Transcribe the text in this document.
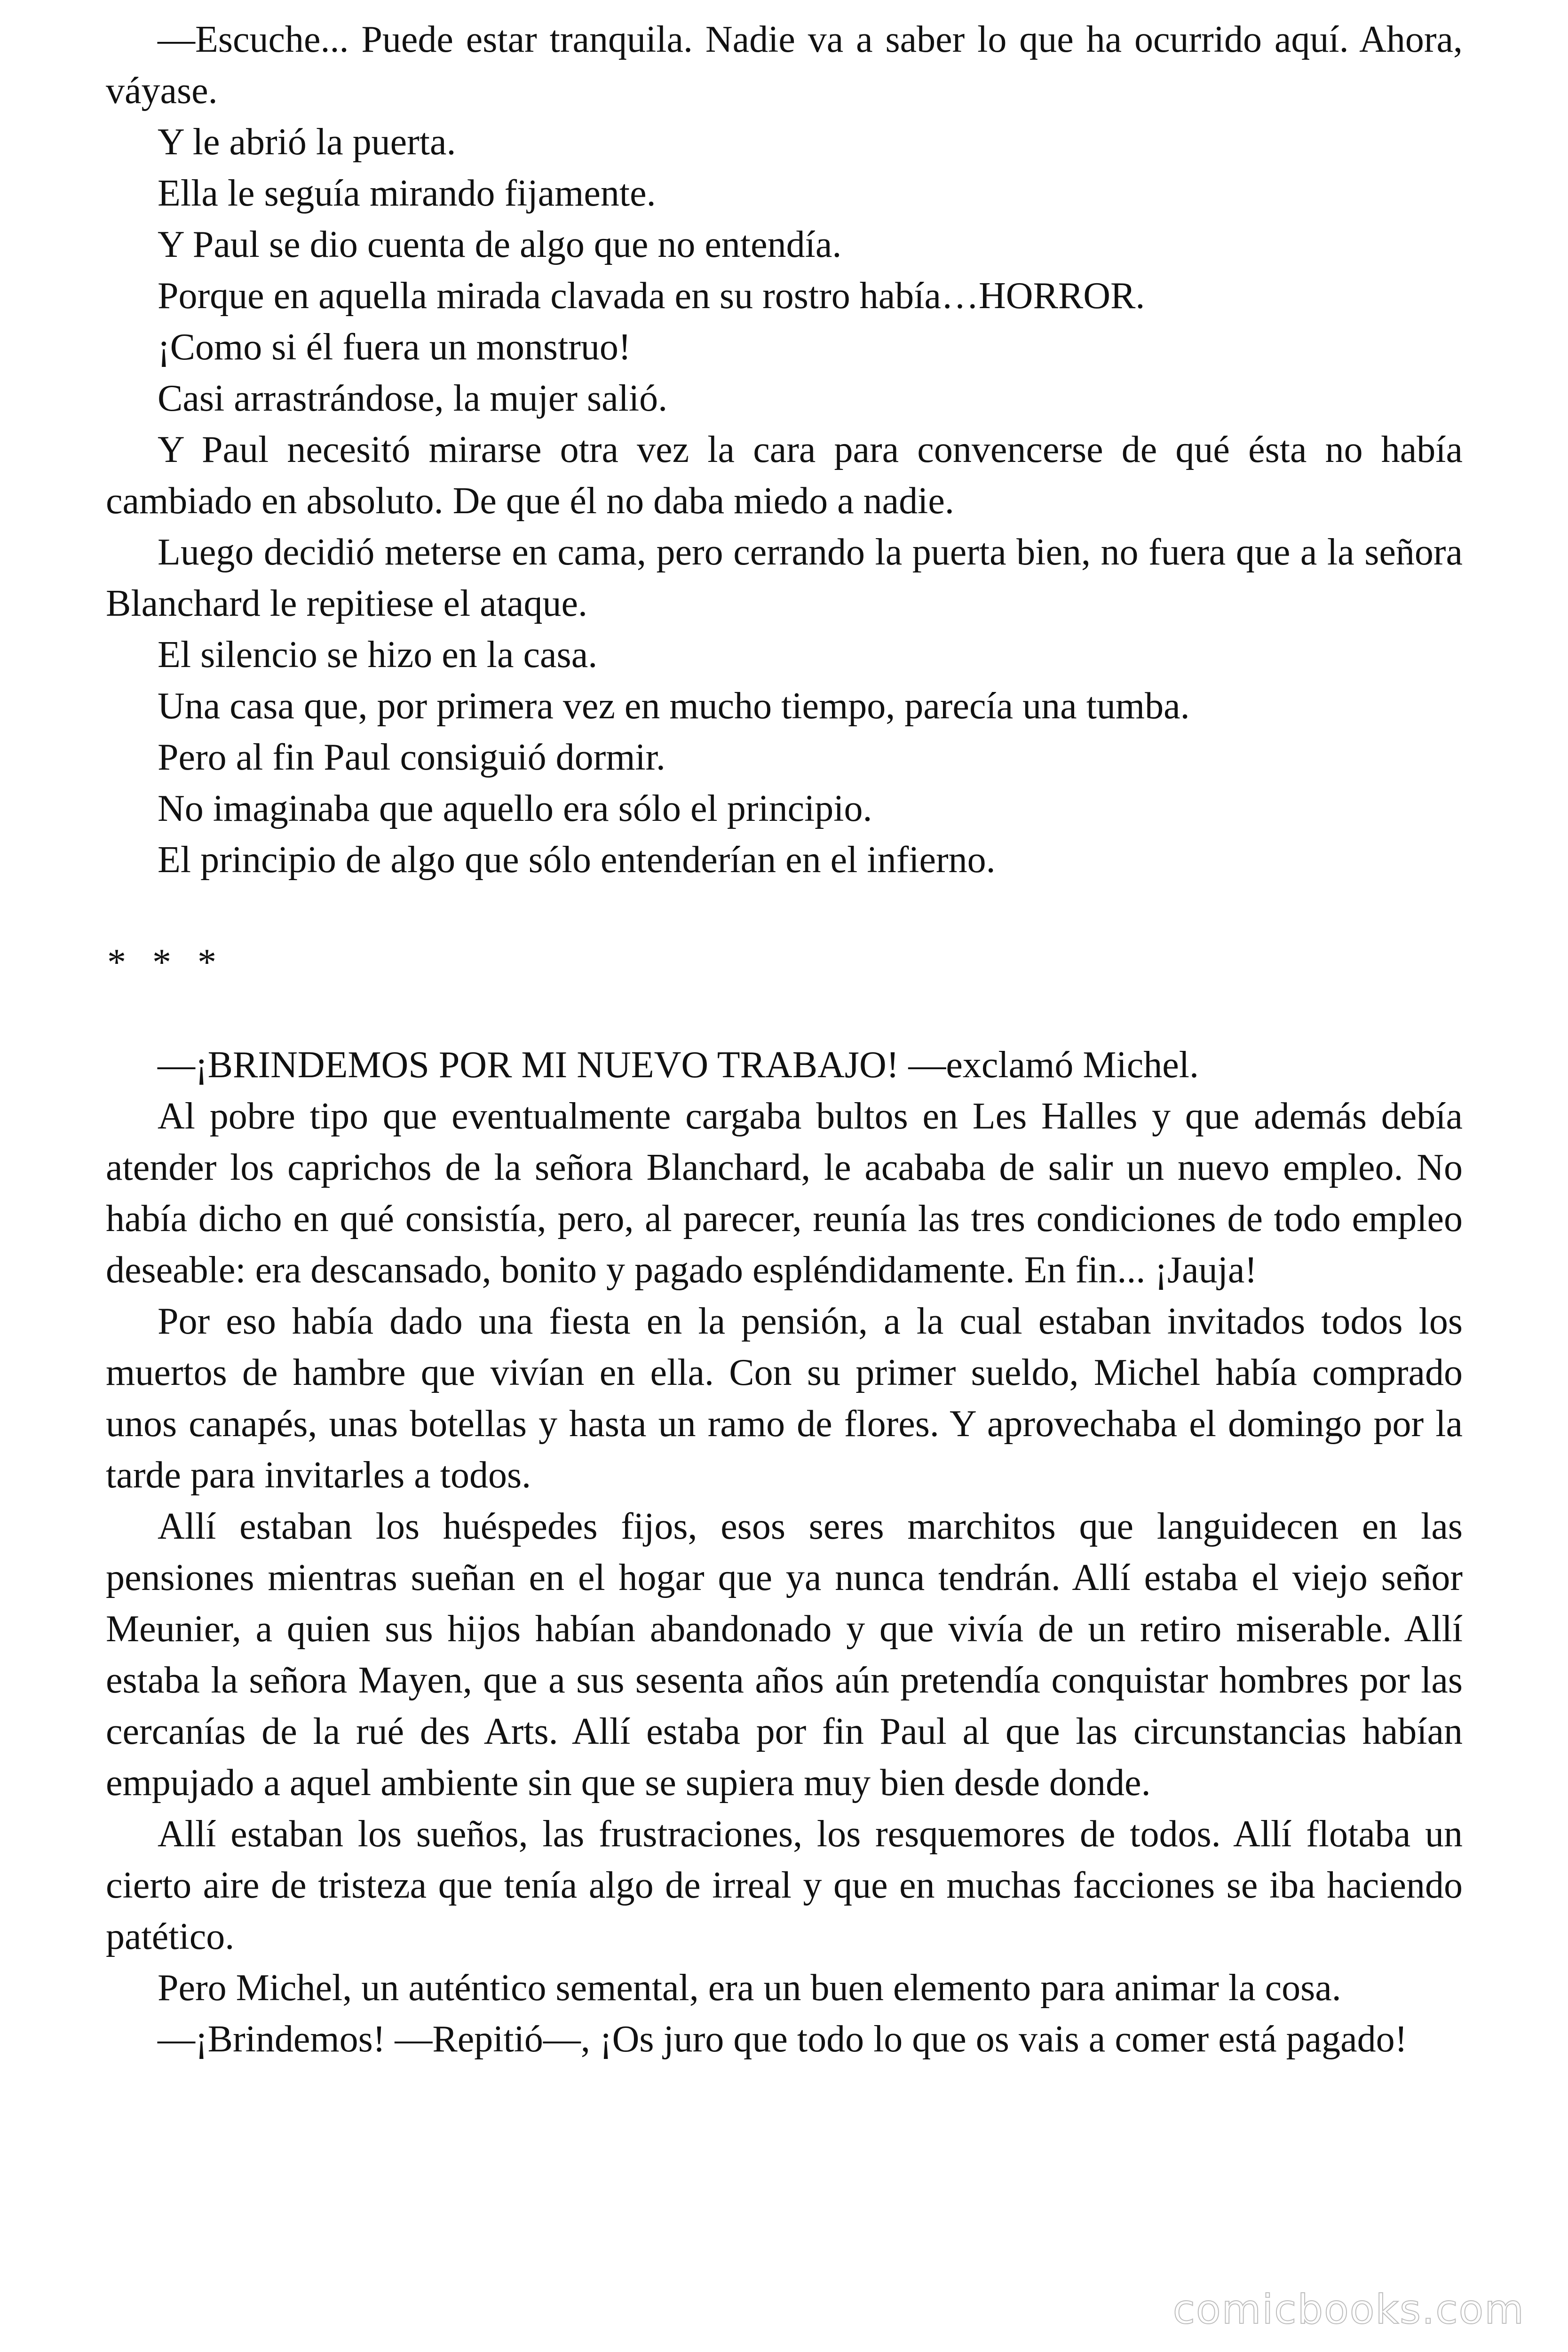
—Escuche... Puede estar tranquila. Nadie va a saber lo que ha ocurrido aquí. Ahora, váyase.

Y le abrió la puerta.

Ella le seguía mirando fijamente.

Y Paul se dio cuenta de algo que no entendía.

Porque en aquella mirada clavada en su rostro había…HORROR.

¡Como si él fuera un monstruo!

Casi arrastrándose, la mujer salió.

Y Paul necesitó mirarse otra vez la cara para convencerse de qué ésta no había cambiado en absoluto. De que él no daba miedo a nadie.

Luego decidió meterse en cama, pero cerrando la puerta bien, no fuera que a la señora Blanchard le repitiese el ataque.

El silencio se hizo en la casa.

Una casa que, por primera vez en mucho tiempo, parecía una tumba.

Pero al fin Paul consiguió dormir.

No imaginaba que aquello era sólo el principio.

El principio de algo que sólo entenderían en el infierno.

* * *

—¡BRINDEMOS POR MI NUEVO TRABAJO! —exclamó Michel.

Al pobre tipo que eventualmente cargaba bultos en Les Halles y que además debía atender los caprichos de la señora Blanchard, le acababa de salir un nuevo empleo. No había dicho en qué consistía, pero, al parecer, reunía las tres condiciones de todo empleo deseable: era descansado, bonito y pagado espléndidamente. En fin... ¡Jauja!

Por eso había dado una fiesta en la pensión, a la cual estaban invitados todos los muertos de hambre que vivían en ella. Con su primer sueldo, Michel había comprado unos canapés, unas botellas y hasta un ramo de flores. Y aprovechaba el domingo por la tarde para invitarles a todos.

Allí estaban los huéspedes fijos, esos seres marchitos que languidecen en las pensiones mientras sueñan en el hogar que ya nunca tendrán. Allí estaba el viejo señor Meunier, a quien sus hijos habían abandonado y que vivía de un retiro miserable. Allí estaba la señora Mayen, que a sus sesenta años aún pretendía conquistar hombres por las cercanías de la rué des Arts. Allí estaba por fin Paul al que las circunstancias habían empujado a aquel ambiente sin que se supiera muy bien desde donde.

Allí estaban los sueños, las frustraciones, los resquemores de todos. Allí flotaba un cierto aire de tristeza que tenía algo de irreal y que en muchas facciones se iba haciendo patético.

Pero Michel, un auténtico semental, era un buen elemento para animar la cosa.

—¡Brindemos! —Repitió—, ¡Os juro que todo lo que os vais a comer está pagado!

comicbooks.com
